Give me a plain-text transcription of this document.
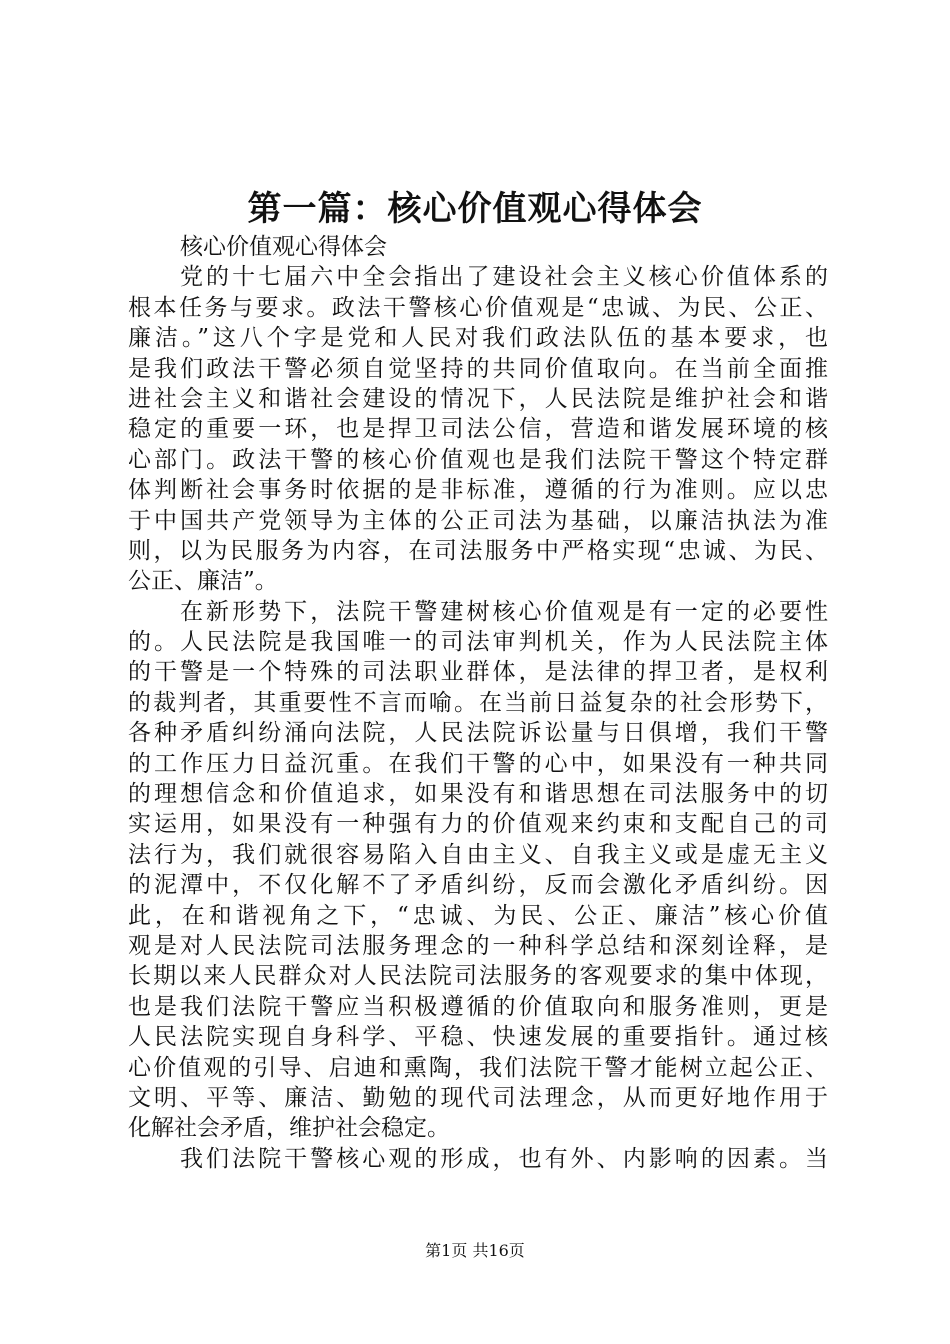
第一篇：核心价值观心得体会
核心价值观心得体会
党的十七届六中全会指出了建设社会主义核心价值体系的
根本任务与要求。政法干警核心价值观是“忠诚、为民、公正、
廉洁。”这八个字是党和人民对我们政法队伍的基本要求，也
是我们政法干警必须自觉坚持的共同价值取向。在当前全面推
进社会主义和谐社会建设的情况下，人民法院是维护社会和谐
稳定的重要一环，也是捍卫司法公信，营造和谐发展环境的核
心部门。政法干警的核心价值观也是我们法院干警这个特定群
体判断社会事务时依据的是非标准，遵循的行为准则。应以忠
于中国共产党领导为主体的公正司法为基础，以廉洁执法为准
则，以为民服务为内容，在司法服务中严格实现“忠诚、为民、
公正、廉洁”。
在新形势下，法院干警建树核心价值观是有一定的必要性
的。人民法院是我国唯一的司法审判机关，作为人民法院主体
的干警是一个特殊的司法职业群体，是法律的捍卫者，是权利
的裁判者，其重要性不言而喻。在当前日益复杂的社会形势下，
各种矛盾纠纷涌向法院，人民法院诉讼量与日俱增，我们干警
的工作压力日益沉重。在我们干警的心中，如果没有一种共同
的理想信念和价值追求，如果没有和谐思想在司法服务中的切
实运用，如果没有一种强有力的价值观来约束和支配自己的司
法行为，我们就很容易陷入自由主义、自我主义或是虚无主义
的泥潭中，不仅化解不了矛盾纠纷，反而会激化矛盾纠纷。因
此，在和谐视角之下，“忠诚、为民、公正、廉洁”核心价值
观是对人民法院司法服务理念的一种科学总结和深刻诠释，是
长期以来人民群众对人民法院司法服务的客观要求的集中体现，
也是我们法院干警应当积极遵循的价值取向和服务准则，更是
人民法院实现自身科学、平稳、快速发展的重要指针。通过核
心价值观的引导、启迪和熏陶，我们法院干警才能树立起公正、
文明、平等、廉洁、勤勉的现代司法理念，从而更好地作用于
化解社会矛盾，维护社会稳定。
我们法院干警核心观的形成，也有外、内影响的因素。当
第1页 共16页
